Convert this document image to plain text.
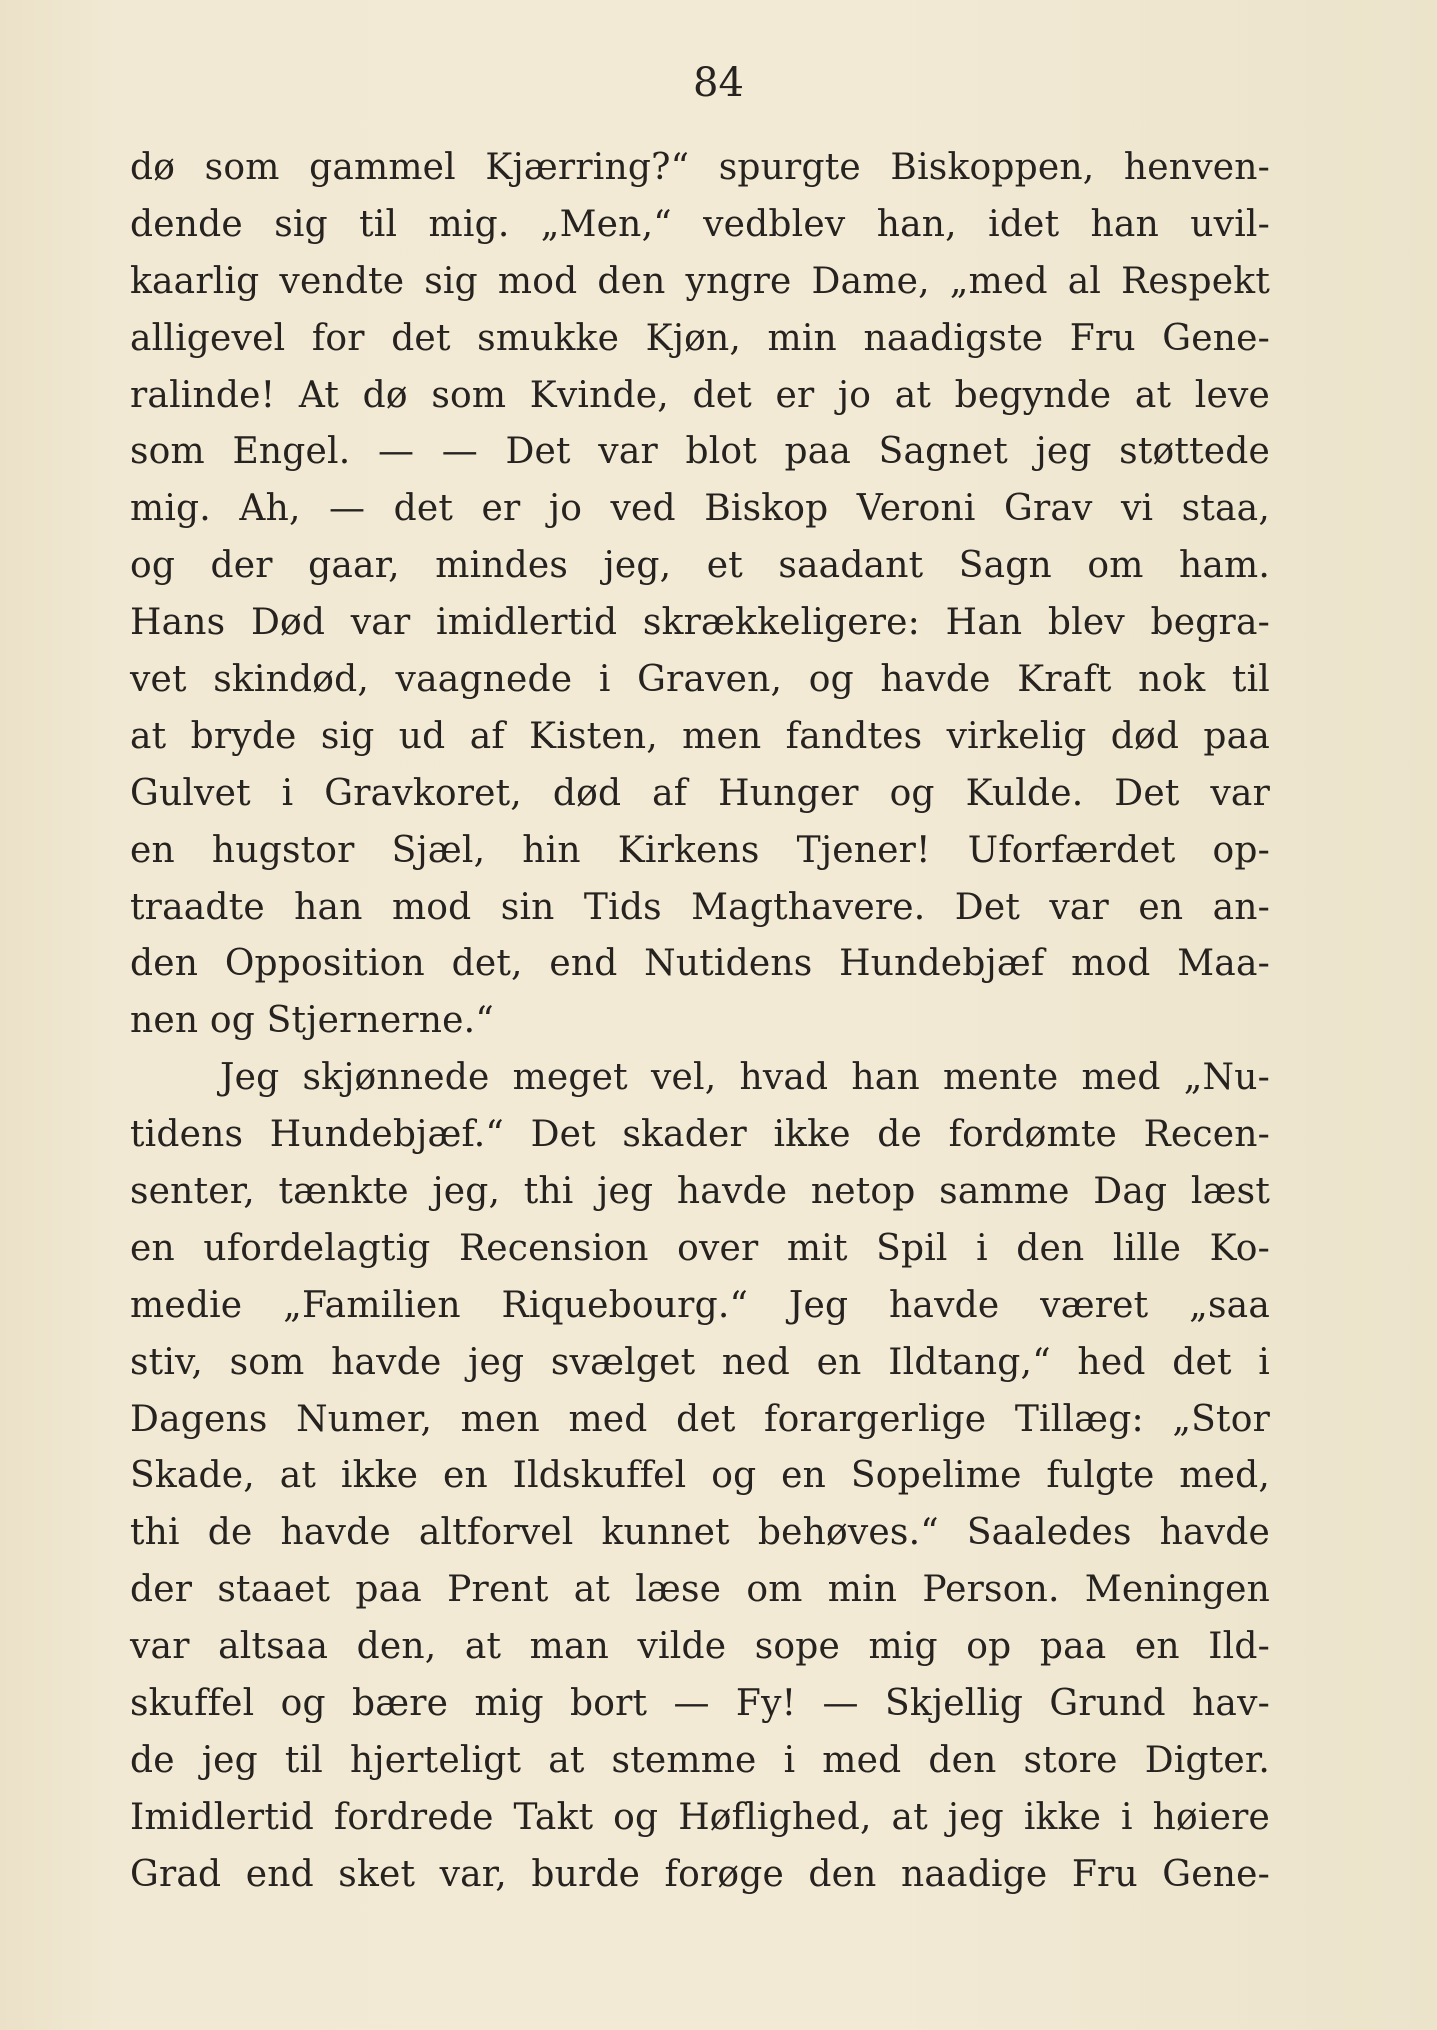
84
dø som gammel Kjærring?“ spurgte Biskoppen, henven-
dende sig til mig. „Men,“ vedblev han, idet han uvil-
kaarlig vendte sig mod den yngre Dame, „med al Respekt
alligevel for det smukke Kjøn, min naadigste Fru Gene-
ralinde! At dø som Kvinde, det er jo at begynde at leve
som Engel. — — Det var blot paa Sagnet jeg støttede
mig. Ah, — det er jo ved Biskop Veroni Grav vi staa,
og der gaar, mindes jeg, et saadant Sagn om ham.
Hans Død var imidlertid skrækkeligere: Han blev begra-
vet skindød, vaagnede i Graven, og havde Kraft nok til
at bryde sig ud af Kisten, men fandtes virkelig død paa
Gulvet i Gravkoret, død af Hunger og Kulde. Det var
en hugstor Sjæl, hin Kirkens Tjener! Uforfærdet op-
traadte han mod sin Tids Magthavere. Det var en an-
den Opposition det, end Nutidens Hundebjæf mod Maa-
nen og Stjernerne.“
Jeg skjønnede meget vel, hvad han mente med „Nu-
tidens Hundebjæf.“ Det skader ikke de fordømte Recen-
senter, tænkte jeg, thi jeg havde netop samme Dag læst
en ufordelagtig Recension over mit Spil i den lille Ko-
medie „Familien Riquebourg.“ Jeg havde været „saa
stiv, som havde jeg svælget ned en Ildtang,“ hed det i
Dagens Numer, men med det forargerlige Tillæg: „Stor
Skade, at ikke en Ildskuffel og en Sopelime fulgte med,
thi de havde altforvel kunnet behøves.“ Saaledes havde
der staaet paa Prent at læse om min Person. Meningen
var altsaa den, at man vilde sope mig op paa en Ild-
skuffel og bære mig bort — Fy! — Skjellig Grund hav-
de jeg til hjerteligt at stemme i med den store Digter.
Imidlertid fordrede Takt og Høflighed, at jeg ikke i høiere
Grad end sket var, burde forøge den naadige Fru Gene-
